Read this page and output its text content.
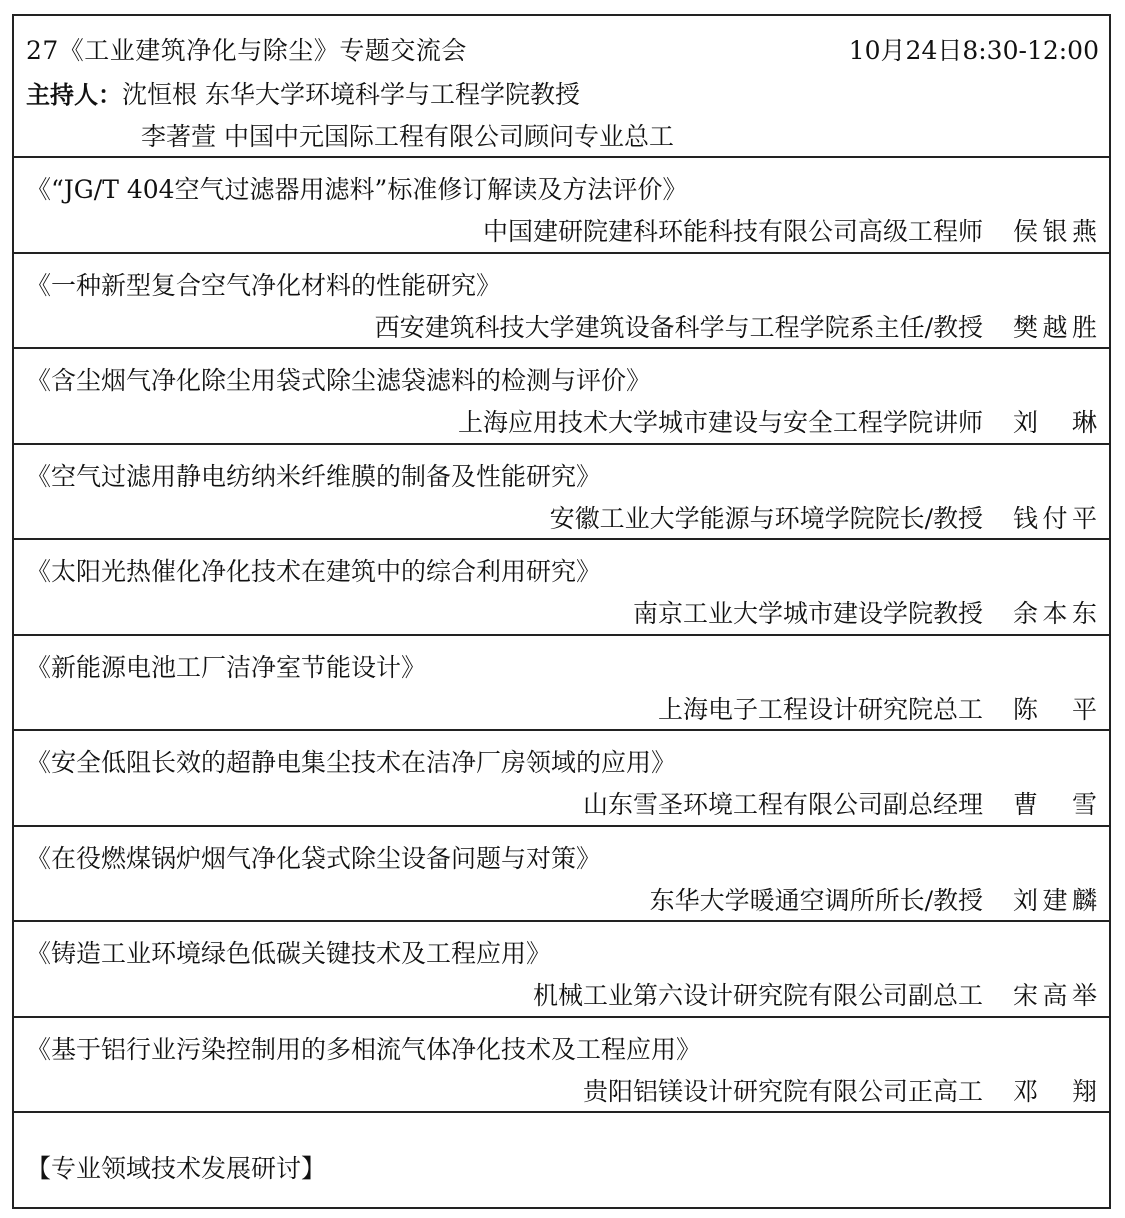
27《工业建筑净化与除尘》专题交流会	10月24日8:30-12:00
主持人：沈恒根 东华大学环境科学与工程学院教授
李著萱 中国中元国际工程有限公司顾问专业总工
《“JG/T 404空气过滤器用滤料”标准修订解读及方法评价》
中国建研院建科环能科技有限公司高级工程师 侯银燕
《一种新型复合空气净化材料的性能研究》
西安建筑科技大学建筑设备科学与工程学院系主任/教授 樊越胜
《含尘烟气净化除尘用袋式除尘滤袋滤料的检测与评价》
上海应用技术大学城市建设与安全工程学院讲师 刘琳
《空气过滤用静电纺纳米纤维膜的制备及性能研究》
安徽工业大学能源与环境学院院长/教授 钱付平
《太阳光热催化净化技术在建筑中的综合利用研究》
南京工业大学城市建设学院教授 余本东
《新能源电池工厂洁净室节能设计》
上海电子工程设计研究院总工 陈平
《安全低阻长效的超静电集尘技术在洁净厂房领域的应用》
山东雪圣环境工程有限公司副总经理 曹雪
《在役燃煤锅炉烟气净化袋式除尘设备问题与对策》
东华大学暖通空调所所长/教授 刘建麟
《铸造工业环境绿色低碳关键技术及工程应用》
机械工业第六设计研究院有限公司副总工 宋高举
《基于铝行业污染控制用的多相流气体净化技术及工程应用》
贵阳铝镁设计研究院有限公司正高工 邓翔
【专业领域技术发展研讨】
